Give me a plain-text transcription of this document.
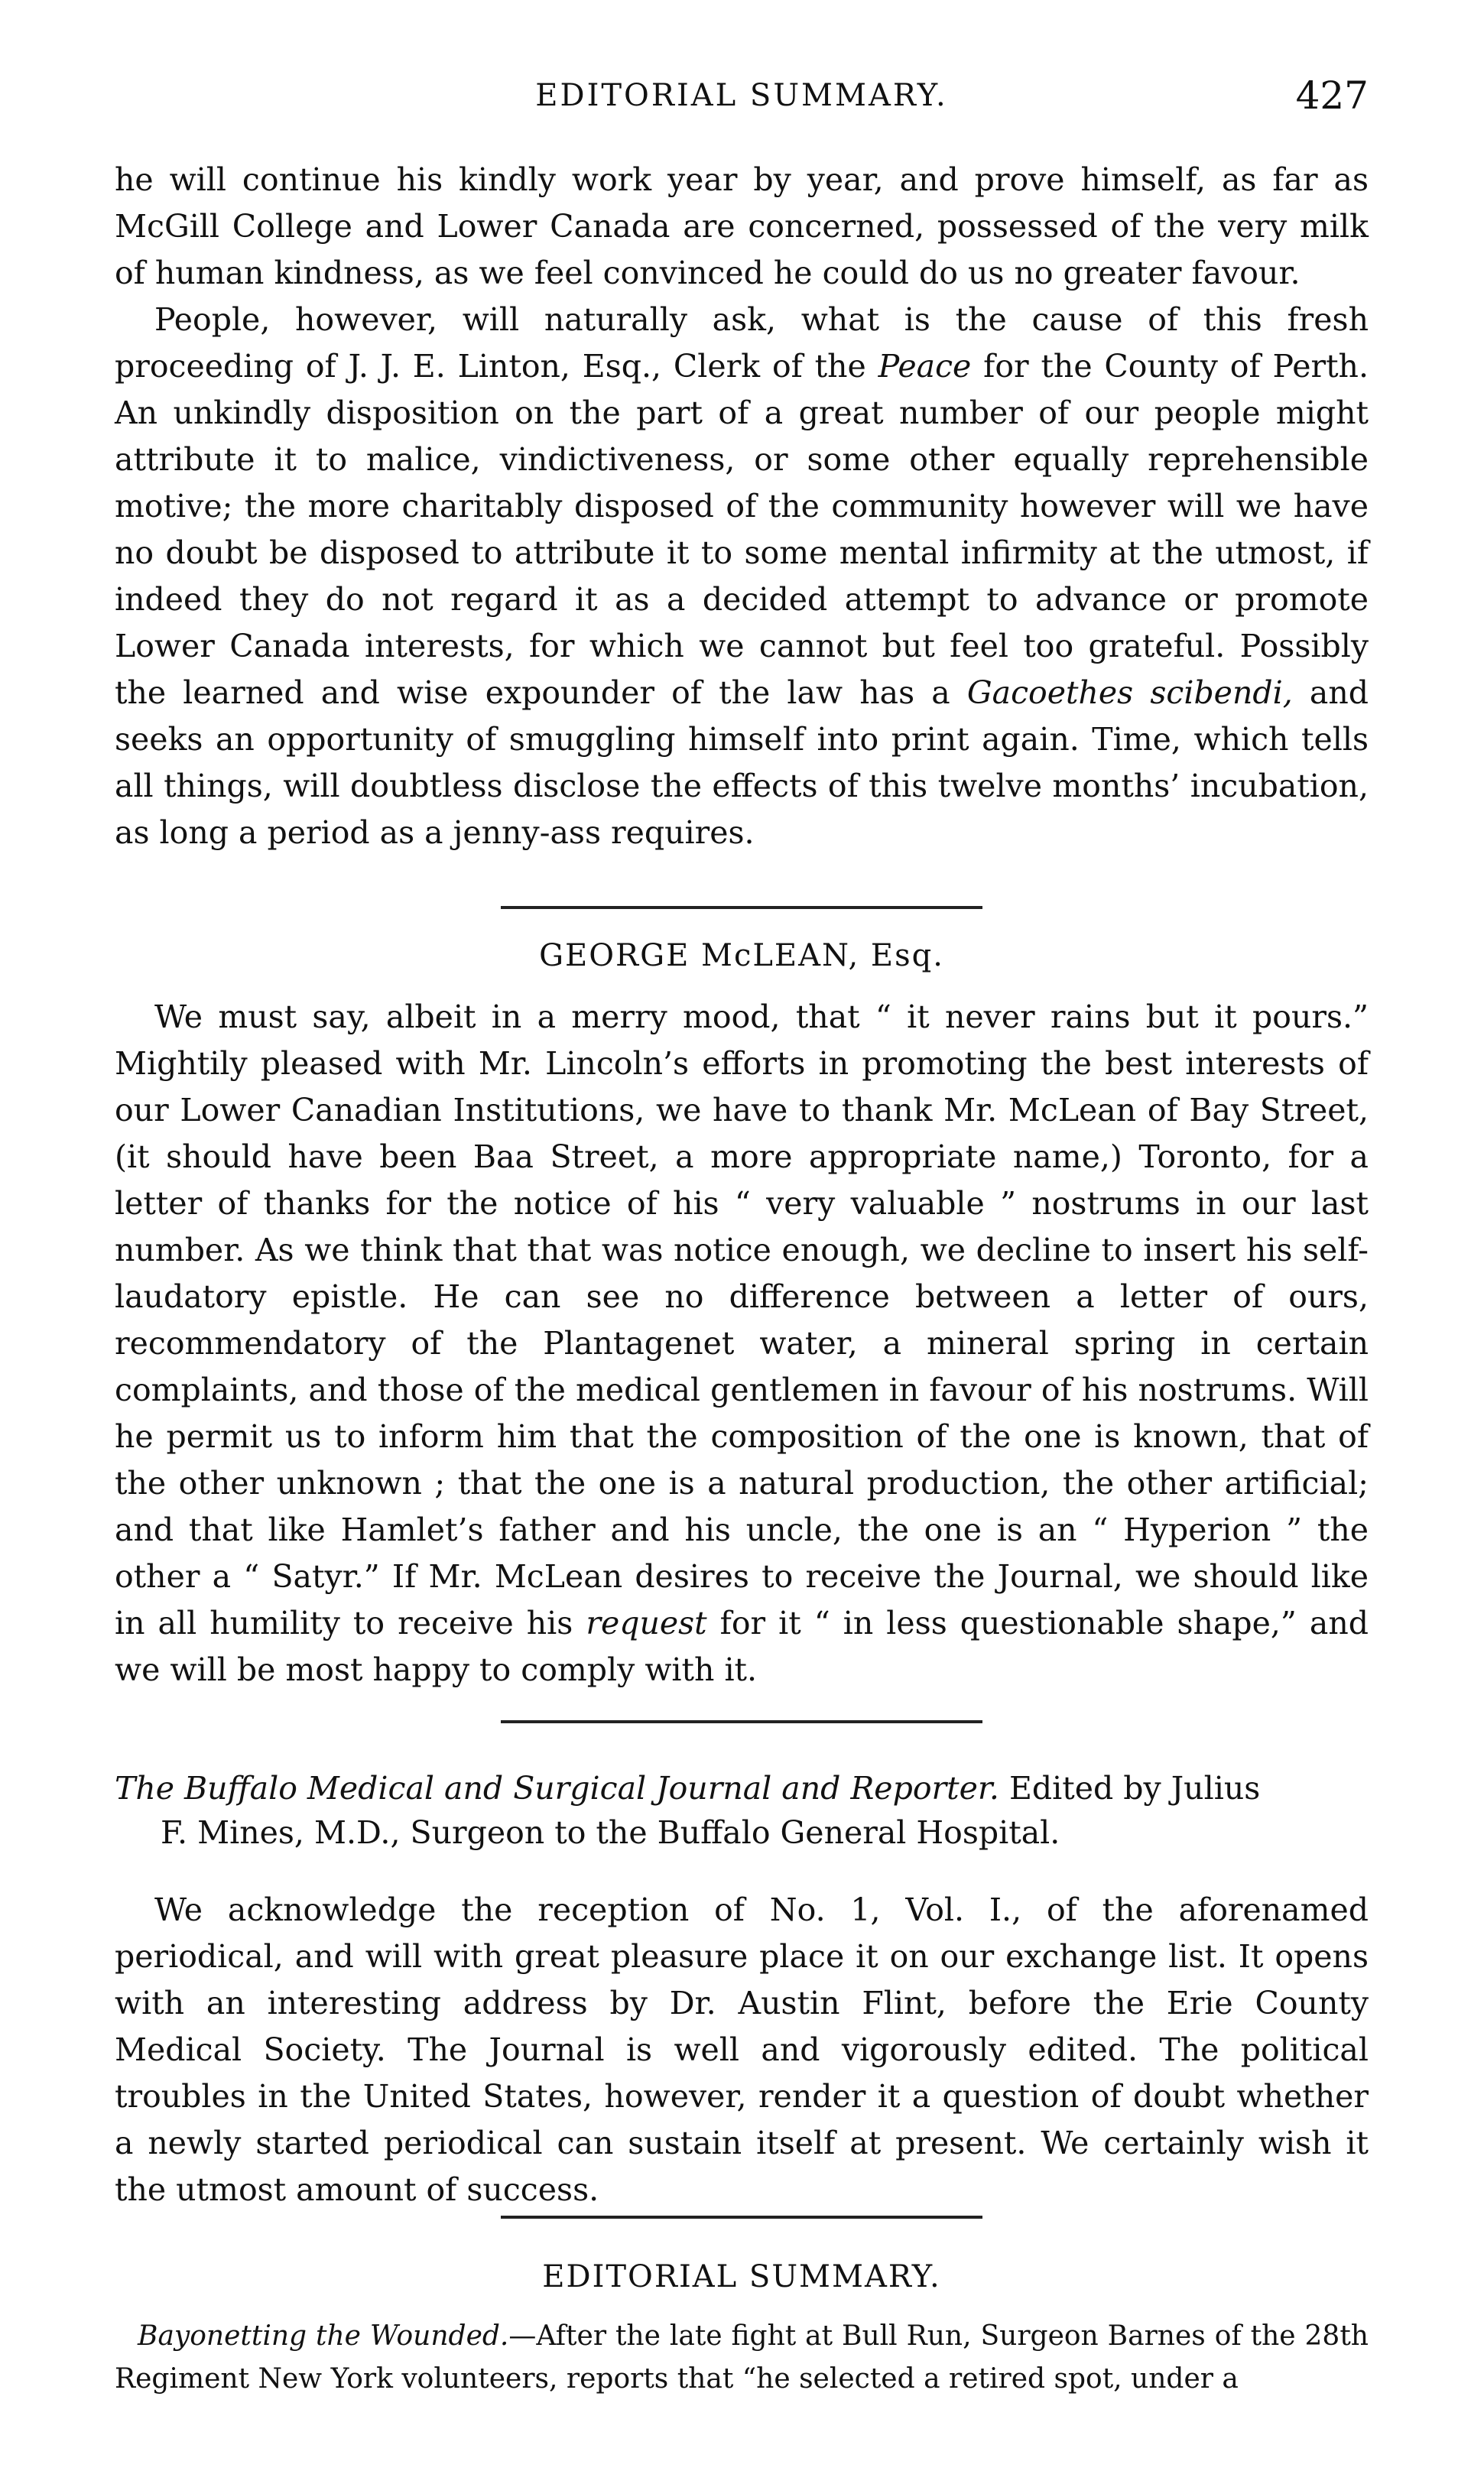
EDITORIAL SUMMARY.	427

he will continue his kindly work year by year, and prove himself, as far as McGill College and Lower Canada are concerned, possessed of the very milk of human kindness, as we feel convinced he could do us no greater favour.

People, however, will naturally ask, what is the cause of this fresh proceeding of J. J. E. Linton, Esq., Clerk of the Peace for the County of Perth. An unkindly disposition on the part of a great number of our people might attribute it to malice, vindictiveness, or some other equally reprehensible motive; the more charitably disposed of the community however will we have no doubt be disposed to attribute it to some mental infirmity at the utmost, if indeed they do not regard it as a decided attempt to advance or promote Lower Canada interests, for which we cannot but feel too grateful. Possibly the learned and wise expounder of the law has a Gacoethes scibendi, and seeks an opportunity of smuggling himself into print again. Time, which tells all things, will doubtless disclose the effects of this twelve months’ incubation, as long a period as a jenny-ass requires.

GEORGE McLEAN, Esq.

We must say, albeit in a merry mood, that “ it never rains but it pours.” Mightily pleased with Mr. Lincoln’s efforts in promoting the best interests of our Lower Canadian Institutions, we have to thank Mr. McLean of Bay Street, (it should have been Baa Street, a more appropriate name,) Toronto, for a letter of thanks for the notice of his “ very valuable ” nostrums in our last number. As we think that that was notice enough, we decline to insert his self-laudatory epistle. He can see no difference between a letter of ours, recommendatory of the Plantagenet water, a mineral spring in certain complaints, and those of the medical gentlemen in favour of his nostrums. Will he permit us to inform him that the composition of the one is known, that of the other unknown ; that the one is a natural production, the other artificial; and that like Hamlet’s father and his uncle, the one is an “ Hyperion ” the other a “ Satyr.” If Mr. McLean desires to receive the Journal, we should like in all humility to receive his request for it “ in less questionable shape,” and we will be most happy to comply with it.

The Buffalo Medical and Surgical Journal and Reporter. Edited by Julius
F. Mines, M.D., Surgeon to the Buffalo General Hospital.

We acknowledge the reception of No. 1, Vol. I., of the aforenamed periodical, and will with great pleasure place it on our exchange list. It opens with an interesting address by Dr. Austin Flint, before the Erie County Medical Society. The Journal is well and vigorously edited. The political troubles in the United States, however, render it a question of doubt whether a newly started periodical can sustain itself at present. We certainly wish it the utmost amount of success.

EDITORIAL SUMMARY.

Bayonetting the Wounded.—After the late fight at Bull Run, Surgeon Barnes of the 28th Regiment New York volunteers, reports that “he selected a retired spot, under a
